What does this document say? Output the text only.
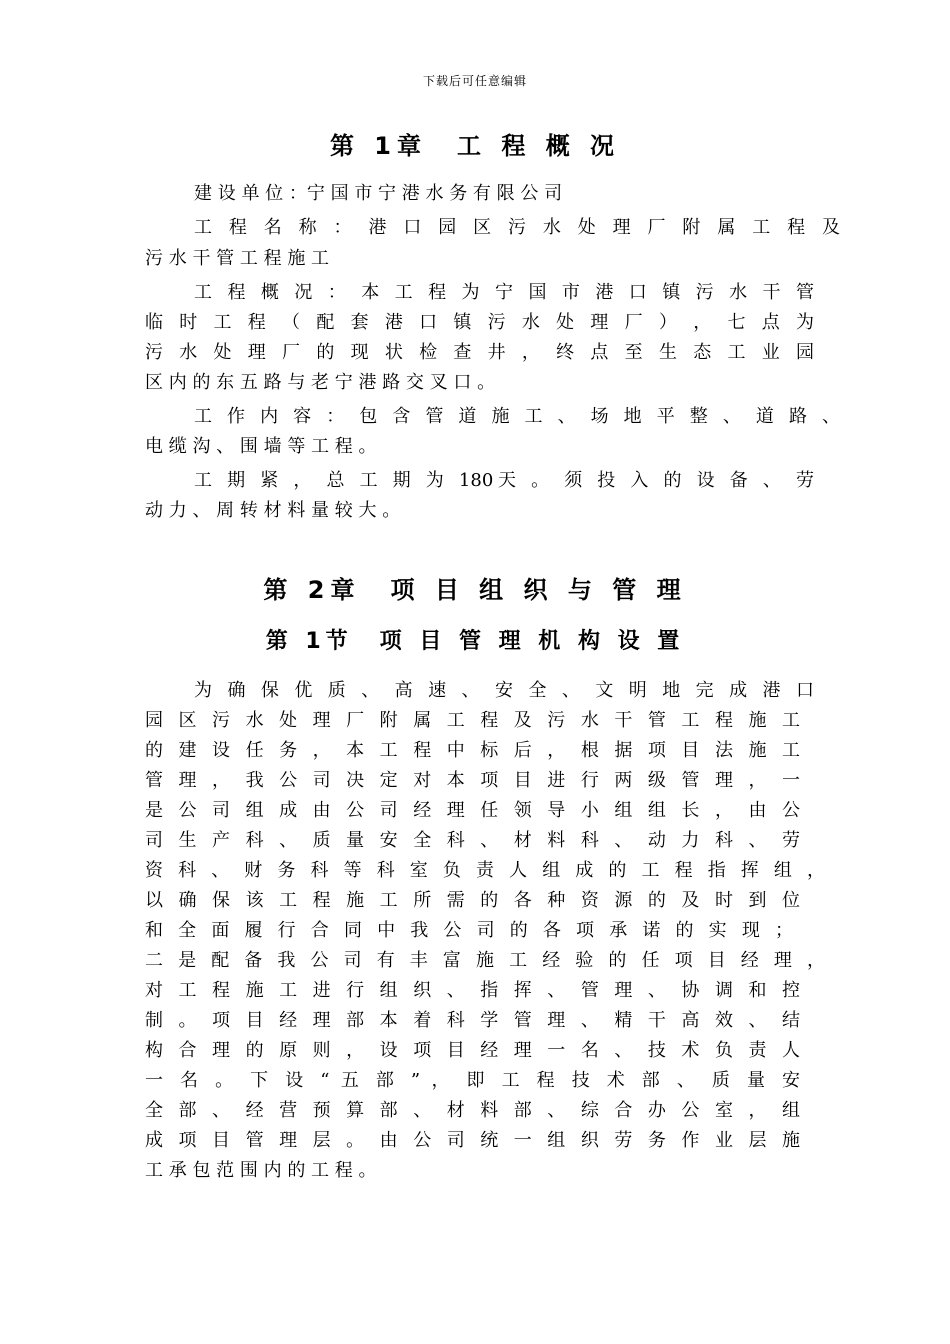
下载后可任意编辑
第 1章　工 程 概 况
建 设 单 位 ：宁 国 市 宁 港 水 务 有 限 公 司
工 程 名 称 ： 港 口 园 区 污 水 处 理 厂 附 属 工 程 及
污 水 干 管 工 程 施 工
工 程 概 况 ： 本 工 程 为 宁 国 市 港 口 镇 污 水 干 管
临 时 工 程 （ 配 套 港 口 镇 污 水 处 理 厂 ） ， 七 点 为
污 水 处 理 厂 的 现 状 检 查 井 ， 终 点 至 生 态 工 业 园
区 内 的 东 五 路 与 老 宁 港 路 交 叉 口 。
工 作 内 容 ： 包 含 管 道 施 工 、 场 地 平 整 、 道 路 、
电 缆 沟 、 围 墙 等 工 程 。
工 期 紧 ， 总 工 期 为 180天 。 须 投 入 的 设 备 、 劳
动 力 、 周 转 材 料 量 较 大 。
第 2章　项 目 组 织 与 管 理
第 1节　项 目 管 理 机 构 设 置
为 确 保 优 质 、 高 速 、 安 全 、 文 明 地 完 成 港 口
园 区 污 水 处 理 厂 附 属 工 程 及 污 水 干 管 工 程 施 工
的 建 设 任 务 ， 本 工 程 中 标 后 ， 根 据 项 目 法 施 工
管 理 ， 我 公 司 决 定 对 本 项 目 进 行 两 级 管 理 ， 一
是 公 司 组 成 由 公 司 经 理 任 领 导 小 组 组 长 ， 由 公
司 生 产 科 、 质 量 安 全 科 、 材 料 科 、 动 力 科 、 劳
资 科 、 财 务 科 等 科 室 负 责 人 组 成 的 工 程 指 挥 组 ，
以 确 保 该 工 程 施 工 所 需 的 各 种 资 源 的 及 时 到 位
和 全 面 履 行 合 同 中 我 公 司 的 各 项 承 诺 的 实 现 ；
二 是 配 备 我 公 司 有 丰 富 施 工 经 验 的 任 项 目 经 理 ，
对 工 程 施 工 进 行 组 织 、 指 挥 、 管 理 、 协 调 和 控
制 。 项 目 经 理 部 本 着 科 学 管 理 、 精 干 高 效 、 结
构 合 理 的 原 则 ， 设 项 目 经 理 一 名 、 技 术 负 责 人
一 名 。 下 设 “ 五 部 ” ， 即 工 程 技 术 部 、 质 量 安
全 部 、 经 营 预 算 部 、 材 料 部 、 综 合 办 公 室 ， 组
成 项 目 管 理 层 。 由 公 司 统 一 组 织 劳 务 作 业 层 施
工 承 包 范 围 内 的 工 程 。
